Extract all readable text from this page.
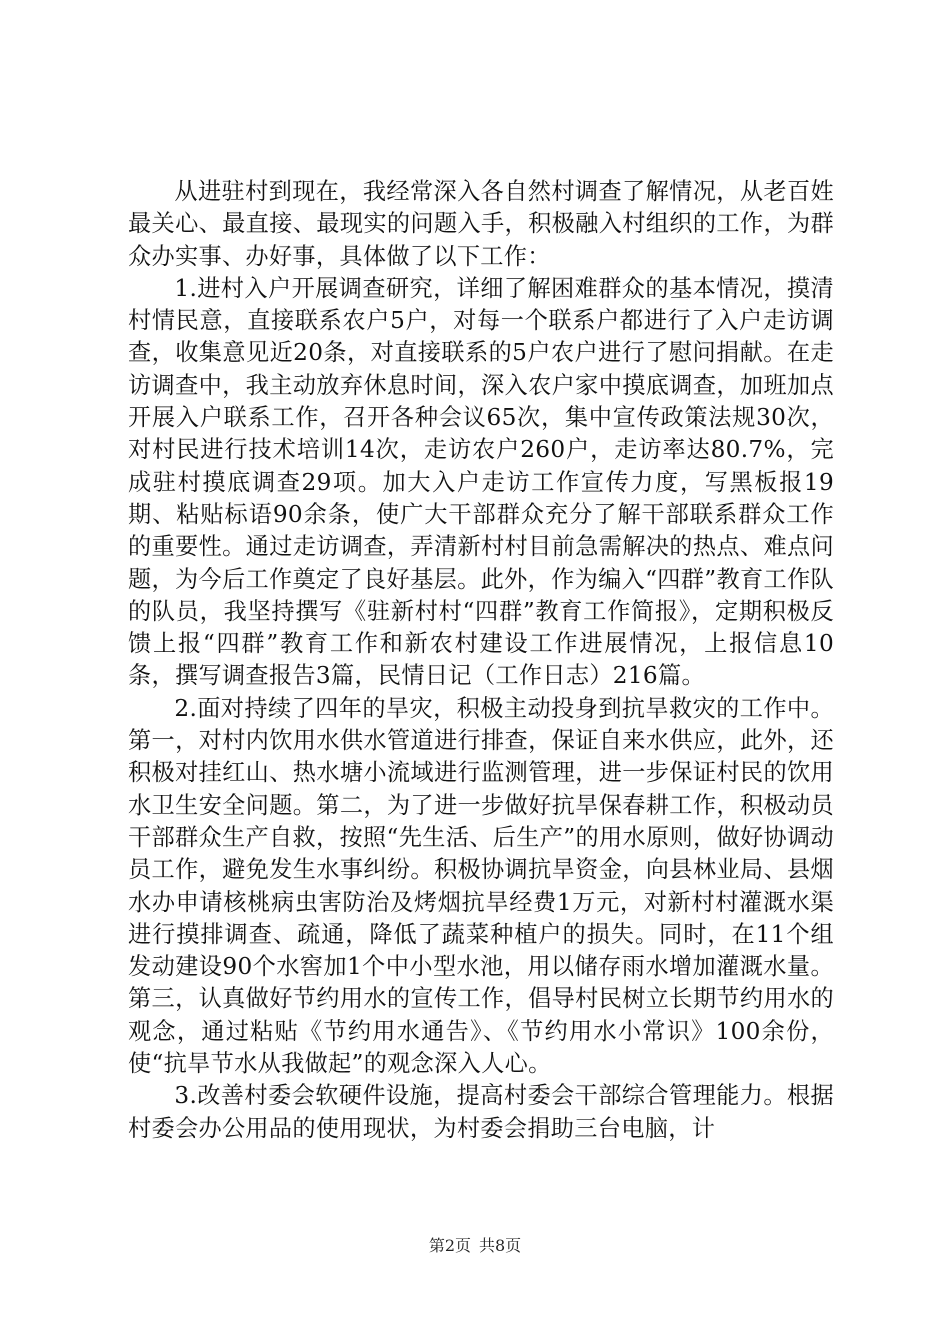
从进驻村到现在，我经常深入各自然村调查了解情况，从老百姓最关心、最直接、最现实的问题入手，积极融入村组织的工作，为群众办实事、办好事，具体做了以下工作：

1.进村入户开展调查研究，详细了解困难群众的基本情况，摸清村情民意，直接联系农户5户，对每一个联系户都进行了入户走访调查，收集意见近20条，对直接联系的5户农户进行了慰问捐献。在走访调查中，我主动放弃休息时间，深入农户家中摸底调查，加班加点开展入户联系工作，召开各种会议65次，集中宣传政策法规30次，对村民进行技术培训14次，走访农户260户，走访率达80.7%，完成驻村摸底调查29项。加大入户走访工作宣传力度，写黑板报19期、粘贴标语90余条，使广大干部群众充分了解干部联系群众工作的重要性。通过走访调查，弄清新村村目前急需解决的热点、难点问题，为今后工作奠定了良好基层。此外，作为编入“四群”教育工作队的队员，我坚持撰写《驻新村村“四群”教育工作简报》，定期积极反馈上报“四群”教育工作和新农村建设工作进展情况，上报信息10条，撰写调查报告3篇，民情日记（工作日志）216篇。

2.面对持续了四年的旱灾，积极主动投身到抗旱救灾的工作中。第一，对村内饮用水供水管道进行排查，保证自来水供应，此外，还积极对挂红山、热水塘小流域进行监测管理，进一步保证村民的饮用水卫生安全问题。第二，为了进一步做好抗旱保春耕工作，积极动员干部群众生产自救，按照“先生活、后生产”的用水原则，做好协调动员工作，避免发生水事纠纷。积极协调抗旱资金，向县林业局、县烟水办申请核桃病虫害防治及烤烟抗旱经费1万元，对新村村灌溉水渠进行摸排调查、疏通，降低了蔬菜种植户的损失。同时，在11个组发动建设90个水窖加1个中小型水池，用以储存雨水增加灌溉水量。第三，认真做好节约用水的宣传工作，倡导村民树立长期节约用水的观念，通过粘贴《节约用水通告》、《节约用水小常识》100余份，使“抗旱节水从我做起”的观念深入人心。

3.改善村委会软硬件设施，提高村委会干部综合管理能力。根据村委会办公用品的使用现状，为村委会捐助三台电脑，计

第2页 共8页
